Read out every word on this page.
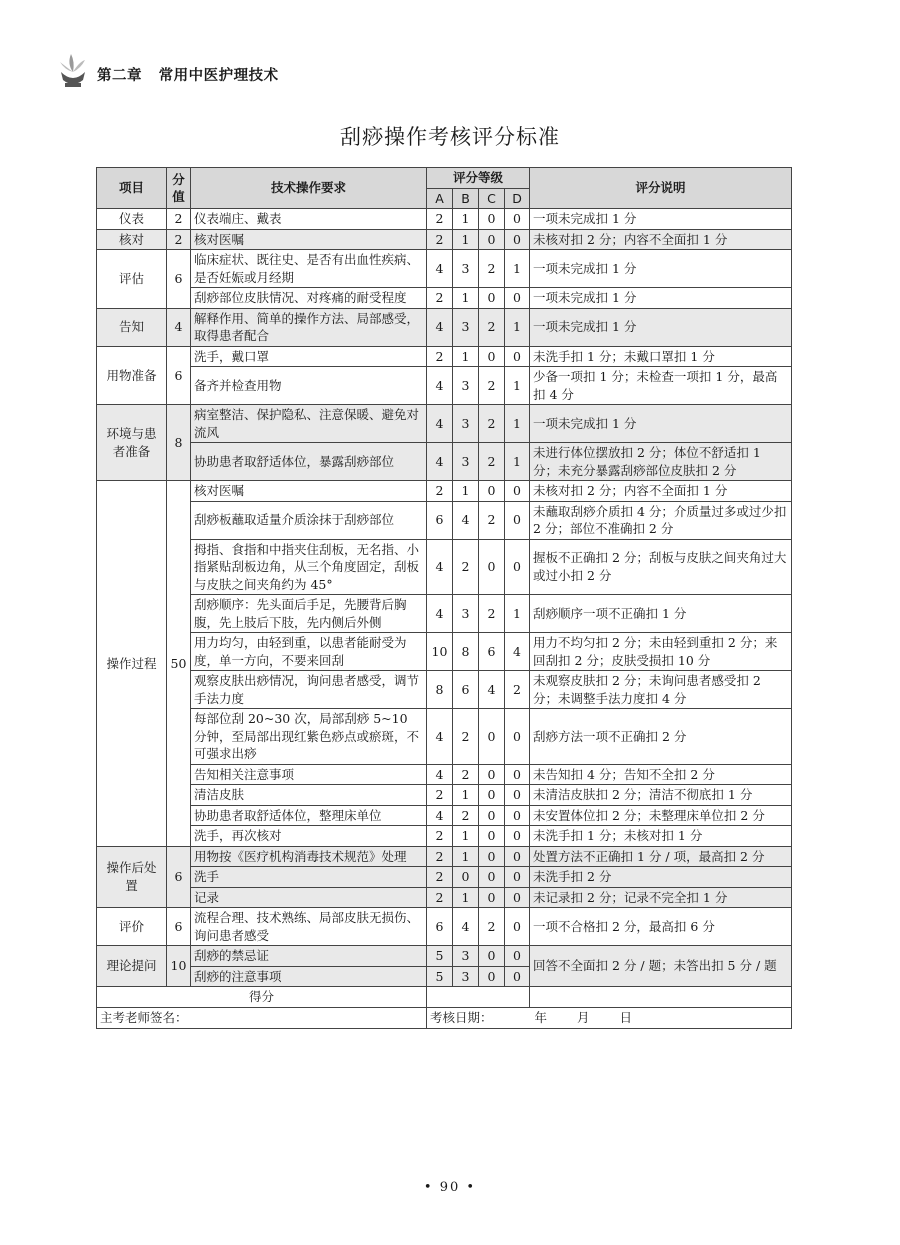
第二章   常用中医护理技术
刮痧操作考核评分标准
项目	分值	技术操作要求	评分等级				评分说明
			A	B	C	D	
仪表	2	仪表端庄、戴表	2	1	0	0	一项未完成扣 1 分
核对	2	核对医嘱	2	1	0	0	未核对扣 2 分；内容不全面扣 1 分
评估	6	临床症状、既往史、是否有出血性疾病、是否妊娠或月经期	4	3	2	1	一项未完成扣 1 分
		刮痧部位皮肤情况、对疼痛的耐受程度	2	1	0	0	一项未完成扣 1 分
告知	4	解释作用、简单的操作方法、局部感受，取得患者配合	4	3	2	1	一项未完成扣 1 分
用物准备	6	洗手，戴口罩	2	1	0	0	未洗手扣 1 分；未戴口罩扣 1 分
		备齐并检查用物	4	3	2	1	少备一项扣 1 分；未检查一项扣 1 分，最高扣 4 分
环境与患者准备	8	病室整洁、保护隐私、注意保暖、避免对流风	4	3	2	1	一项未完成扣 1 分
		协助患者取舒适体位，暴露刮痧部位	4	3	2	1	未进行体位摆放扣 2 分；体位不舒适扣 1 分；未充分暴露刮痧部位皮肤扣 2 分
操作过程	50	核对医嘱	2	1	0	0	未核对扣 2 分；内容不全面扣 1 分
		刮痧板蘸取适量介质涂抹于刮痧部位	6	4	2	0	未蘸取刮痧介质扣 4 分；介质量过多或过少扣 2 分；部位不准确扣 2 分
		拇指、食指和中指夹住刮板，无名指、小指紧贴刮板边角，从三个角度固定，刮板与皮肤之间夹角约为 45°	4	2	0	0	握板不正确扣 2 分；刮板与皮肤之间夹角过大或过小扣 2 分
		刮痧顺序：先头面后手足，先腰背后胸腹，先上肢后下肢，先内侧后外侧	4	3	2	1	刮痧顺序一项不正确扣 1 分
		用力均匀，由轻到重，以患者能耐受为度，单一方向，不要来回刮	10	8	6	4	用力不均匀扣 2 分；未由轻到重扣 2 分；来回刮扣 2 分；皮肤受损扣 10 分
		观察皮肤出痧情况，询问患者感受，调节手法力度	8	6	4	2	未观察皮肤扣 2 分；未询问患者感受扣 2 分；未调整手法力度扣 4 分
		每部位刮 20~30 次，局部刮痧 5~10 分钟，至局部出现红紫色痧点或瘀斑，不可强求出痧	4	2	0	0	刮痧方法一项不正确扣 2 分
		告知相关注意事项	4	2	0	0	未告知扣 4 分；告知不全扣 2 分
		清洁皮肤	2	1	0	0	未清洁皮肤扣 2 分；清洁不彻底扣 1 分
		协助患者取舒适体位，整理床单位	4	2	0	0	未安置体位扣 2 分；未整理床单位扣 2 分
		洗手，再次核对	2	1	0	0	未洗手扣 1 分；未核对扣 1 分
操作后处置	6	用物按《医疗机构消毒技术规范》处理	2	1	0	0	处置方法不正确扣 1 分 / 项，最高扣 2 分
		洗手	2	0	0	0	未洗手扣 2 分
		记录	2	1	0	0	未记录扣 2 分；记录不完全扣 1 分
评价	6	流程合理、技术熟练、局部皮肤无损伤、询问患者感受	6	4	2	0	一项不合格扣 2 分，最高扣 6 分
理论提问	10	刮痧的禁忌证	5	3	0	0	回答不全面扣 2 分 / 题；未答出扣 5 分 / 题
		刮痧的注意事项	5	3	0	0	
得分							
主考老师签名：			考核日期： 年 月 日				
• 90 •
